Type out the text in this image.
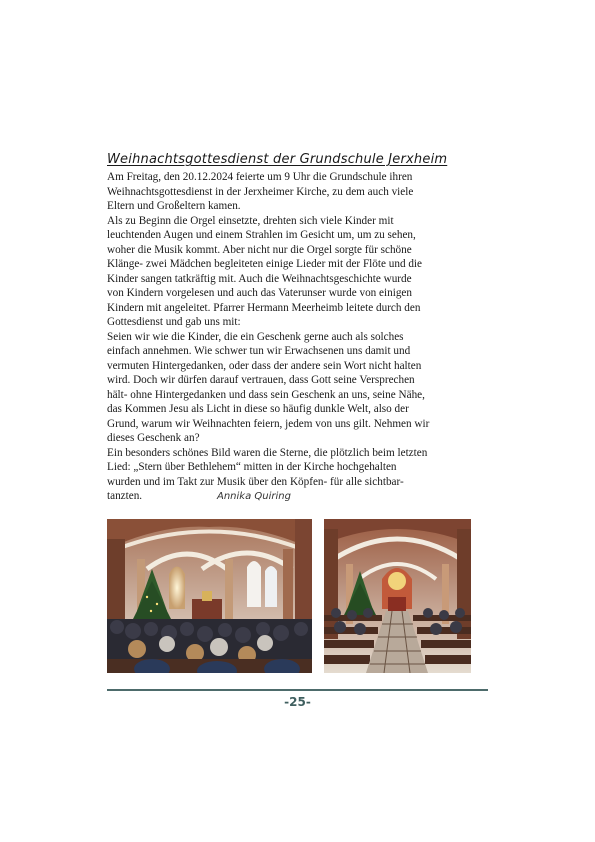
Weihnachtsgottesdienst der Grundschule Jerxheim
Am Freitag, den 20.12.2024 feierte um 9 Uhr die Grundschule ihren
Weihnachtsgottesdienst in der Jerxheimer Kirche, zu dem auch viele
Eltern und Großeltern kamen.
Als zu Beginn die Orgel einsetzte, drehten sich viele Kinder mit
leuchtenden Augen und einem Strahlen im Gesicht um, um zu sehen,
woher die Musik kommt. Aber nicht nur die Orgel sorgte für schöne
Klänge- zwei Mädchen begleiteten einige Lieder mit der Flöte und die
Kinder sangen tatkräftig mit. Auch die Weihnachtsgeschichte wurde
von Kindern vorgelesen und auch das Vaterunser wurde von einigen
Kindern mit angeleitet. Pfarrer Hermann Meerheimb leitete durch den
Gottesdienst und gab uns mit:
Seien wir wie die Kinder, die ein Geschenk gerne auch als solches
einfach annehmen. Wie schwer tun wir Erwachsenen uns damit und
vermuten Hintergedanken, oder dass der andere sein Wort nicht halten
wird. Doch wir dürfen darauf vertrauen, dass Gott seine Versprechen
hält- ohne Hintergedanken und dass sein Geschenk an uns, seine Nähe,
das Kommen Jesu als Licht in diese so häufig dunkle Welt, also der
Grund, warum wir Weihnachten feiern, jedem von uns gilt. Nehmen wir
dieses Geschenk an?
Ein besonders schönes Bild waren die Sterne, die plötzlich beim letzten
Lied: „Stern über Bethlehem“ mitten in der Kirche hochgehalten
wurden und im Takt zur Musik über den Köpfen- für alle sichtbar-
tanzten.	Annika Quiring
-25-
